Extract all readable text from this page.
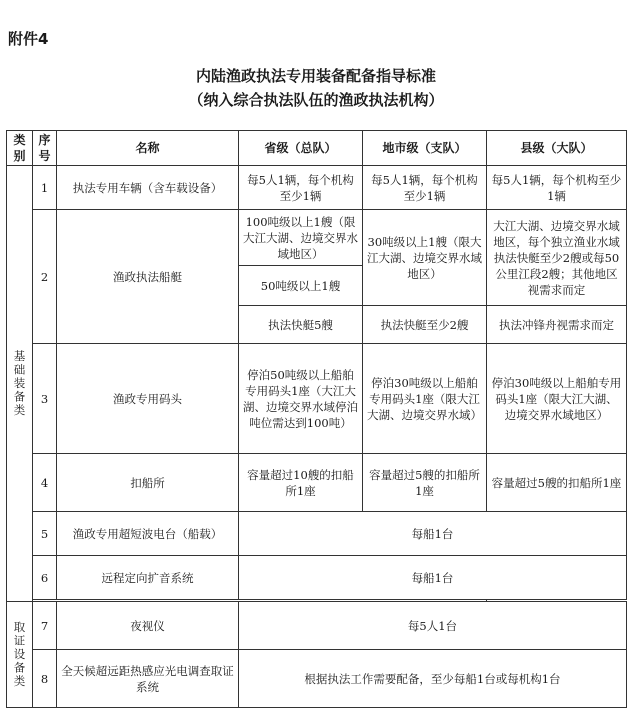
附件4
内陆渔政执法专用装备配备指导标准
（纳入综合执法队伍的渔政执法机构）
类别	序号	名称	省级（总队）	地市级（支队）	县级（大队）

基础装备类	1	执法专用车辆（含车载设备）	每5人1辆，每个机构至少1辆	每5人1辆，每个机构至少1辆	每5人1辆，每个机构至少1辆
	2	渔政执法船艇	100吨级以上1艘（限大江大湖、边境交界水域地区）	30吨级以上1艘（限大江大湖、边境交界水域地区）	大江大湖、边境交界水域地区，每个独立渔业水域执法快艇至少2艘或每50公里江段2艘；其他地区视需求而定
			50吨级以上1艘		
			执法快艇5艘	执法快艇至少2艘	执法冲锋舟视需求而定
	3	渔政专用码头	停泊50吨级以上船舶专用码头1座（大江大湖、边境交界水域停泊吨位需达到100吨）	停泊30吨级以上船舶专用码头1座（限大江大湖、边境交界水域）	停泊30吨级以上船舶专用码头1座（限大江大湖、边境交界水域地区）
	4	扣船所	容量超过10艘的扣船所1座	容量超过5艘的扣船所1座	容量超过5艘的扣船所1座
	5	渔政专用超短波电台（船载）	每船1台		
	6	远程定向扩音系统	每船1台		

取证设备类	7	夜视仪	每5人1台		
	8	全天候超远距热感应光电调查取证系统	根据执法工作需要配备，至少每船1台或每机构1台		
